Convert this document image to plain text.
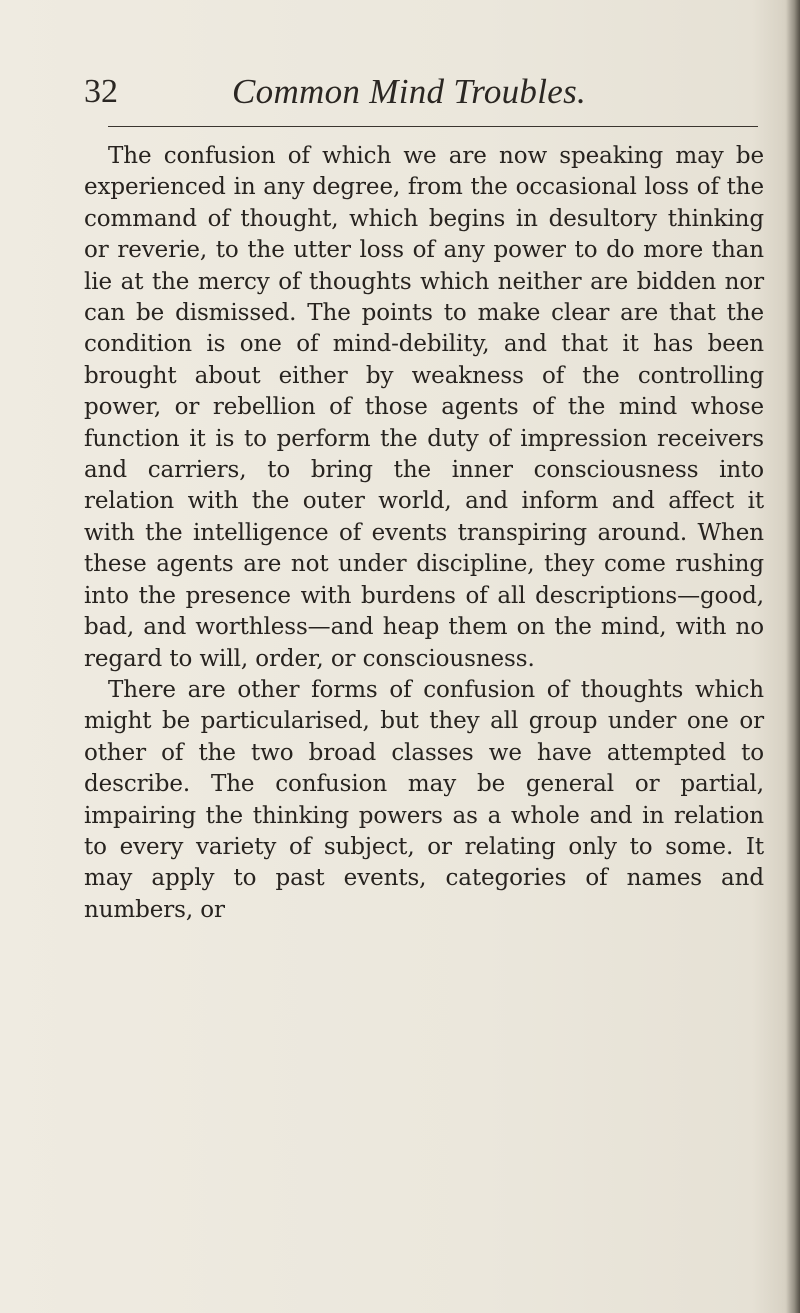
32	Common Mind Troubles.

The confusion of which we are now speaking may be experienced in any degree, from the occasional loss of the command of thought, which begins in desultory thinking or reverie, to the utter loss of any power to do more than lie at the mercy of thoughts which neither are bidden nor can be dismissed. The points to make clear are that the condition is one of mind-debility, and that it has been brought about either by weakness of the controlling power, or rebellion of those agents of the mind whose function it is to perform the duty of impression receivers and carriers, to bring the inner consciousness into relation with the outer world, and inform and affect it with the intelligence of events transpiring around. When these agents are not under discipline, they come rushing into the presence with burdens of all descriptions—good, bad, and worthless—and heap them on the mind, with no regard to will, order, or consciousness.

There are other forms of confusion of thoughts which might be particularised, but they all group under one or other of the two broad classes we have attempted to describe. The confusion may be general or partial, impairing the thinking powers as a whole and in relation to every variety of subject, or relating only to some. It may apply to past events, categories of names and numbers, or
